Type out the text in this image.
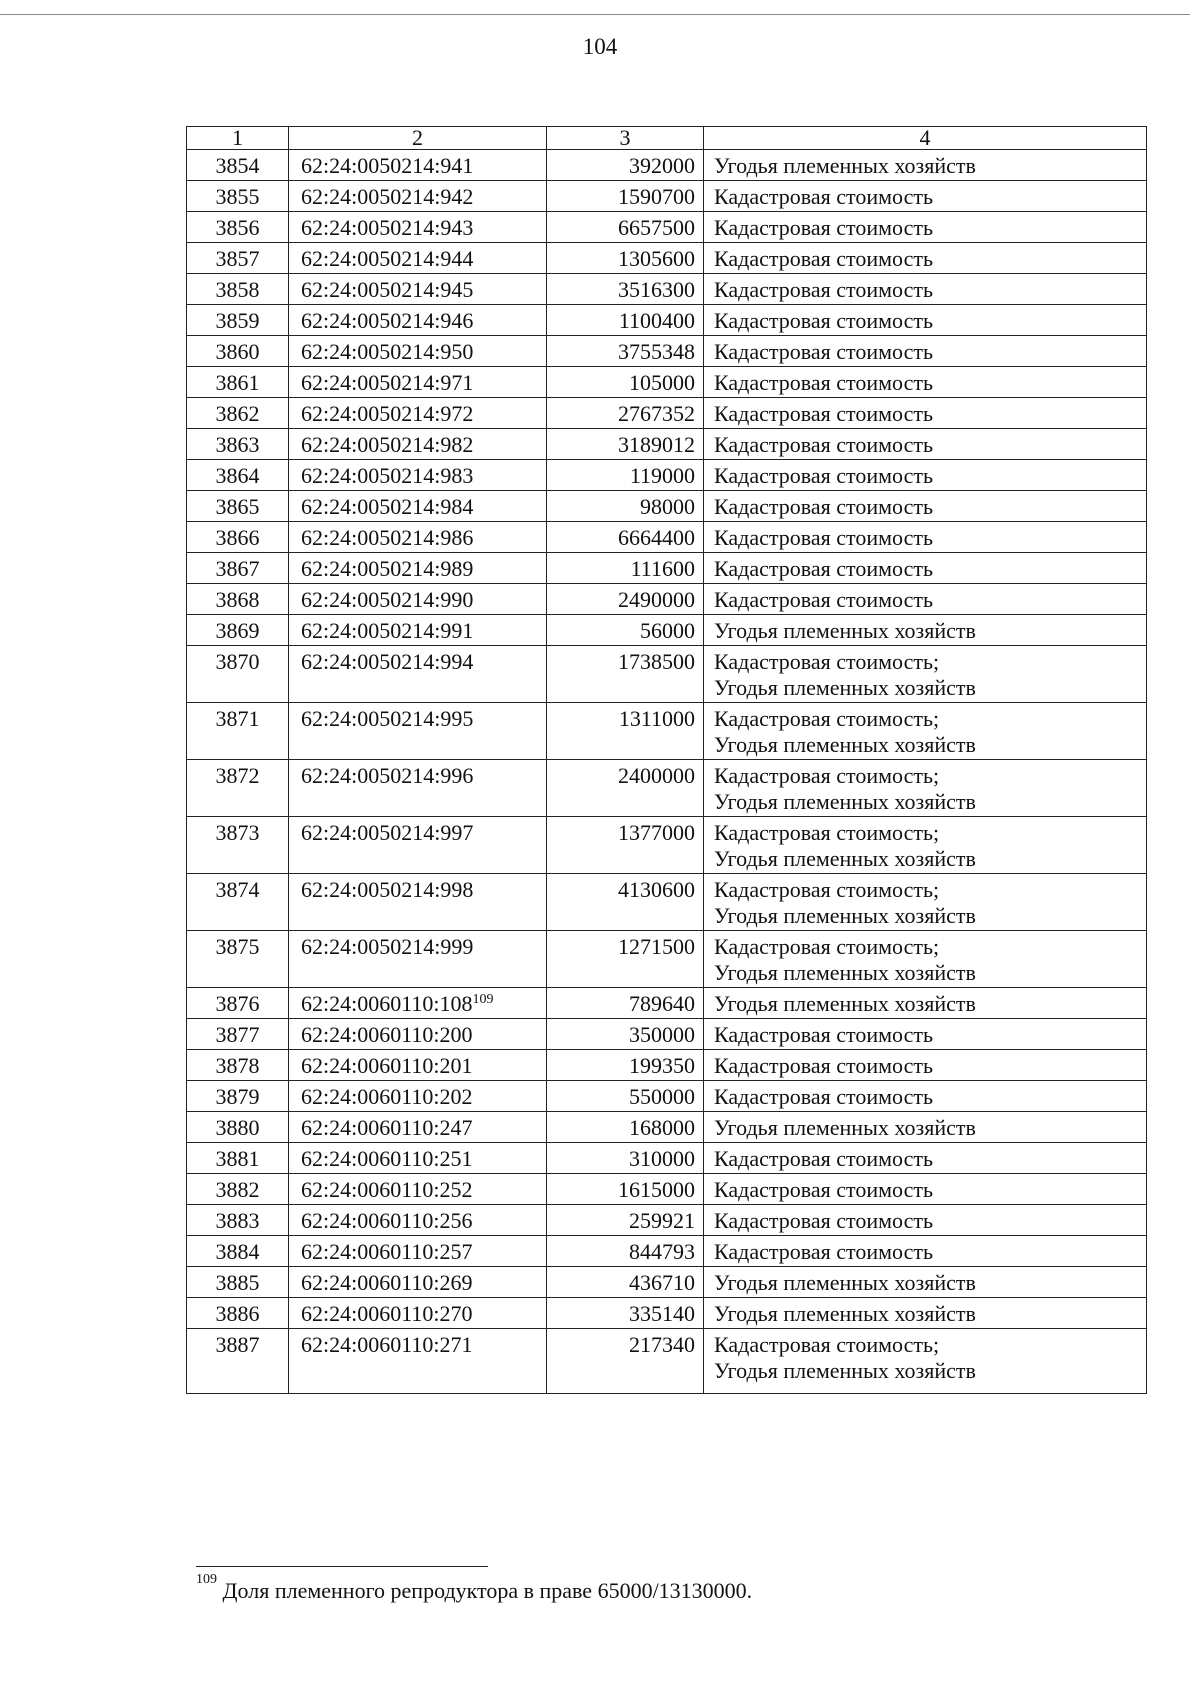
104
1	2	3	4
3854	62:24:0050214:941	392000	Угодья племенных хозяйств

3855	62:24:0050214:942	1590700	Кадастровая стоимость

3856	62:24:0050214:943	6657500	Кадастровая стоимость

3857	62:24:0050214:944	1305600	Кадастровая стоимость

3858	62:24:0050214:945	3516300	Кадастровая стоимость

3859	62:24:0050214:946	1100400	Кадастровая стоимость

3860	62:24:0050214:950	3755348	Кадастровая стоимость

3861	62:24:0050214:971	105000	Кадастровая стоимость

3862	62:24:0050214:972	2767352	Кадастровая стоимость

3863	62:24:0050214:982	3189012	Кадастровая стоимость

3864	62:24:0050214:983	119000	Кадастровая стоимость

3865	62:24:0050214:984	98000	Кадастровая стоимость

3866	62:24:0050214:986	6664400	Кадастровая стоимость

3867	62:24:0050214:989	111600	Кадастровая стоимость

3868	62:24:0050214:990	2490000	Кадастровая стоимость

3869	62:24:0050214:991	56000	Угодья племенных хозяйств

3870	62:24:0050214:994	1738500	Кадастровая стоимость;
Угодья племенных хозяйств

3871	62:24:0050214:995	1311000	Кадастровая стоимость;
Угодья племенных хозяйств

3872	62:24:0050214:996	2400000	Кадастровая стоимость;
Угодья племенных хозяйств

3873	62:24:0050214:997	1377000	Кадастровая стоимость;
Угодья племенных хозяйств

3874	62:24:0050214:998	4130600	Кадастровая стоимость;
Угодья племенных хозяйств

3875	62:24:0050214:999	1271500	Кадастровая стоимость;
Угодья племенных хозяйств

3876	62:24:0060110:108$^{109}$	789640	Угодья племенных хозяйств

3877	62:24:0060110:200	350000	Кадастровая стоимость

3878	62:24:0060110:201	199350	Кадастровая стоимость

3879	62:24:0060110:202	550000	Кадастровая стоимость

3880	62:24:0060110:247	168000	Угодья племенных хозяйств

3881	62:24:0060110:251	310000	Кадастровая стоимость

3882	62:24:0060110:252	1615000	Кадастровая стоимость

3883	62:24:0060110:256	259921	Кадастровая стоимость

3884	62:24:0060110:257	844793	Кадастровая стоимость

3885	62:24:0060110:269	436710	Угодья племенных хозяйств

3886	62:24:0060110:270	335140	Угодья племенных хозяйств

3887	62:24:0060110:271	217340	Кадастровая стоимость;
Угодья племенных хозяйств
$^{109}$ Доля племенного репродуктора в праве 65000/13130000.
